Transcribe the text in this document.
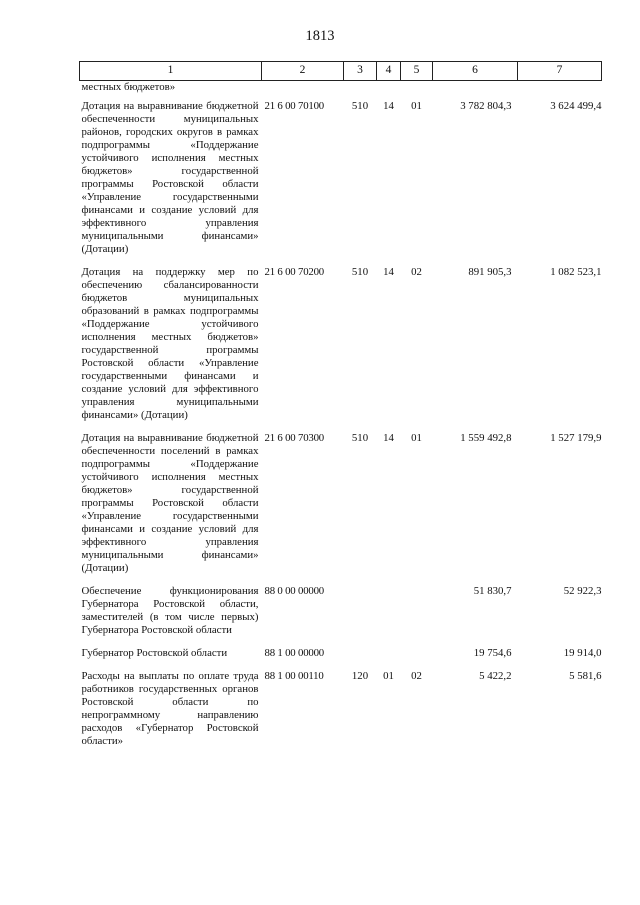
1813
1	2	3	4	5	6	7
местных бюджетов»						
Дотация на выравнивание бюджетной обеспеченности муниципальных районов, городских округов в рамках подпрограммы «Поддержание устойчивого исполнения местных бюджетов» государственной программы Ростовской области «Управление государственными финансами и создание условий для эффективного управления муниципальными финансами» (Дотации)	21 6 00 70100	510	14	01	3 782 804,3	3 624 499,4
Дотация на поддержку мер по обеспечению сбалансированности бюджетов муниципальных образований в рамках подпрограммы «Поддержание устойчивого исполнения местных бюджетов» государственной программы Ростовской области «Управление государственными финансами и создание условий для эффективного управления муниципальными финансами» (Дотации)	21 6 00 70200	510	14	02	891 905,3	1 082 523,1
Дотация на выравнивание бюджетной обеспеченности поселений в рамках подпрограммы «Поддержание устойчивого исполнения местных бюджетов» государственной программы Ростовской области «Управление государственными финансами и создание условий для эффективного управления муниципальными финансами» (Дотации)	21 6 00 70300	510	14	01	1 559 492,8	1 527 179,9
Обеспечение функционирования Губернатора Ростовской области, заместителей (в том числе первых) Губернатора Ростовской области	88 0 00 00000				51 830,7	52 922,3
Губернатор Ростовской области	88 1 00 00000				19 754,6	19 914,0
Расходы на выплаты по оплате труда работников государственных органов Ростовской области по непрограммному направлению расходов «Губернатор Ростовской области»	88 1 00 00110	120	01	02	5 422,2	5 581,6
